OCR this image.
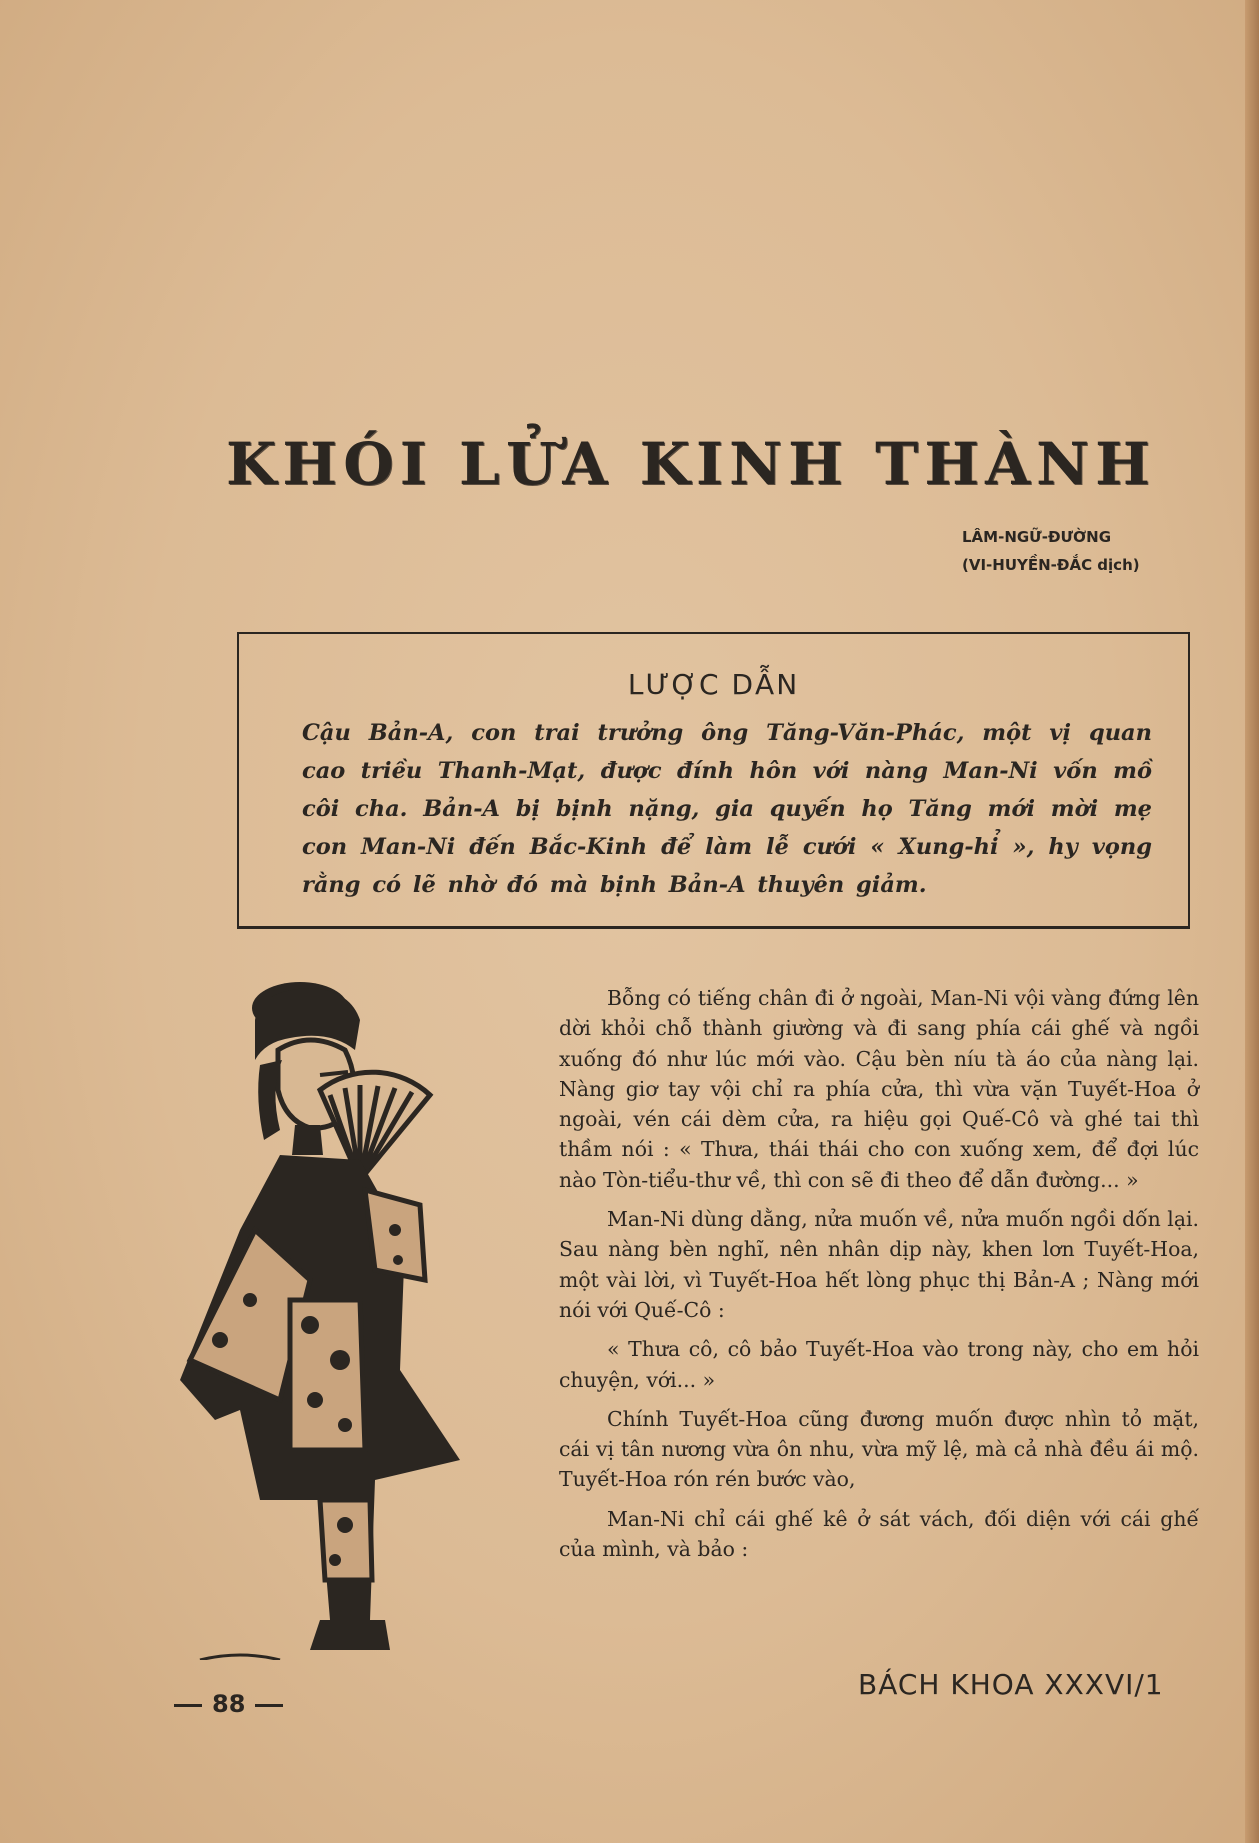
KHÓI LỬA KINH THÀNH
LÂM-NGỮ-ĐƯỜNG
(VI-HUYỀN-ĐẮC dịch)
LƯỢC DẪN
Cậu Bản-A, con trai trưởng ông Tăng-Văn-Phác, một vị quan cao triều Thanh-Mạt, được đính hôn với nàng Man-Ni vốn mồ côi cha. Bản-A bị bịnh nặng, gia quyến họ Tăng mới mời mẹ con Man-Ni đến Bắc-Kinh để làm lễ cưới « Xung-hỉ », hy vọng rằng có lẽ nhờ đó mà bịnh Bản-A thuyên giảm.

Bỗng có tiếng chân đi ở ngoài, Man-Ni vội vàng đứng lên dời khỏi chỗ thành giường và đi sang phía cái ghế và ngồi xuống đó như lúc mới vào. Cậu bèn níu tà áo của nàng lại. Nàng giơ tay vội chỉ ra phía cửa, thì vừa vặn Tuyết-Hoa ở ngoài, vén cái dèm cửa, ra hiệu gọi Quế-Cô và ghé tai thì thầm nói : « Thưa, thái thái cho con xuống xem, để đợi lúc nào Tòn-tiểu-thư về, thì con sẽ đi theo để dẫn đường... »

Man-Ni dùng dằng, nửa muốn về, nửa muốn ngồi dốn lại. Sau nàng bèn nghĩ, nên nhân dịp này, khen lơn Tuyết-Hoa, một vài lời, vì Tuyết-Hoa hết lòng phục thị Bản-A ; Nàng mới nói với Quế-Cô :

« Thưa cô, cô bảo Tuyết-Hoa vào trong này, cho em hỏi chuyện, với... »

Chính Tuyết-Hoa cũng đương muốn được nhìn tỏ mặt, cái vị tân nương vừa ôn nhu, vừa mỹ lệ, mà cả nhà đều ái mộ. Tuyết-Hoa rón rén bước vào,

Man-Ni chỉ cái ghế kê ở sát vách, đối diện với cái ghế của mình, và bảo :

88
BÁCH KHOA XXXVI/1
